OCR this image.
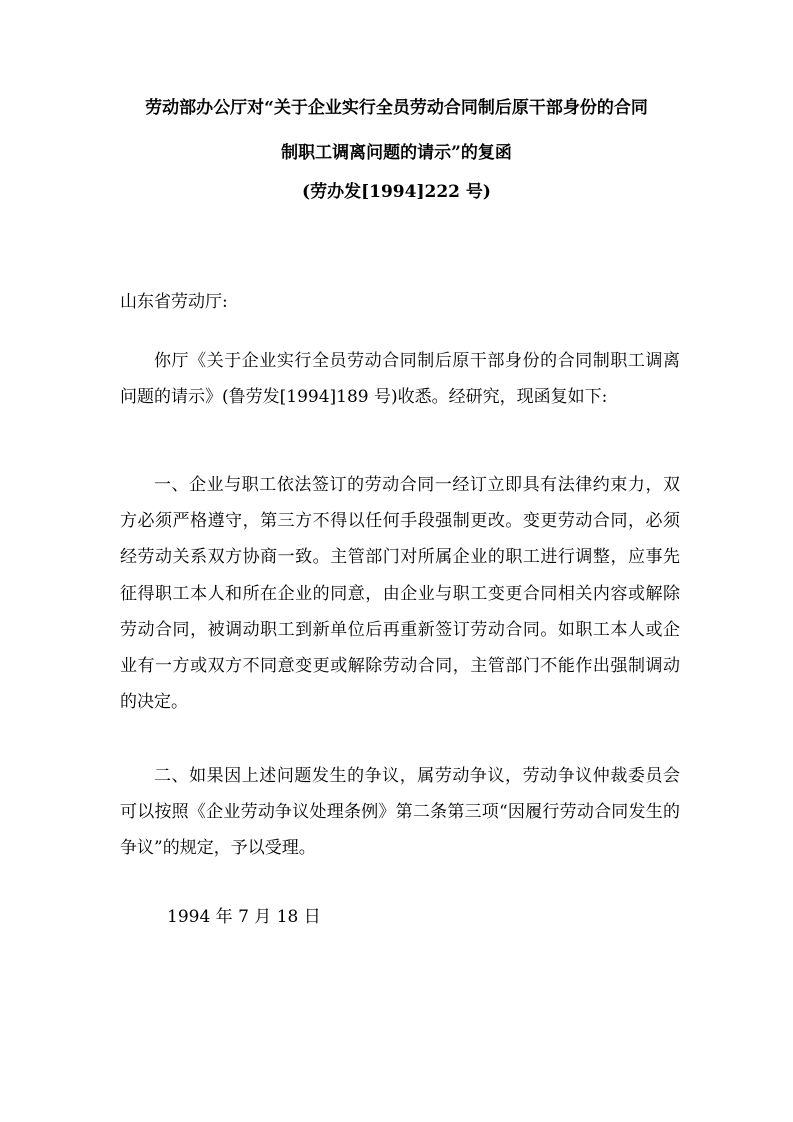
劳动部办公厅对“关于企业实行全员劳动合同制后原干部身份的合同
制职工调离问题的请示”的复函
(劳办发[1994]222 号)
山东省劳动厅:
你厅《关于企业实行全员劳动合同制后原干部身份的合同制职工调离问题的请示》(鲁劳发[1994]189 号)收悉。经研究，现函复如下:
一、企业与职工依法签订的劳动合同一经订立即具有法律约束力，双方必须严格遵守，第三方不得以任何手段强制更改。变更劳动合同，必须经劳动关系双方协商一致。主管部门对所属企业的职工进行调整，应事先征得职工本人和所在企业的同意，由企业与职工变更合同相关内容或解除劳动合同，被调动职工到新单位后再重新签订劳动合同。如职工本人或企业有一方或双方不同意变更或解除劳动合同，主管部门不能作出强制调动的决定。
二、如果因上述问题发生的争议，属劳动争议，劳动争议仲裁委员会可以按照《企业劳动争议处理条例》第二条第三项“因履行劳动合同发生的争议”的规定，予以受理。
1994 年 7 月 18 日
